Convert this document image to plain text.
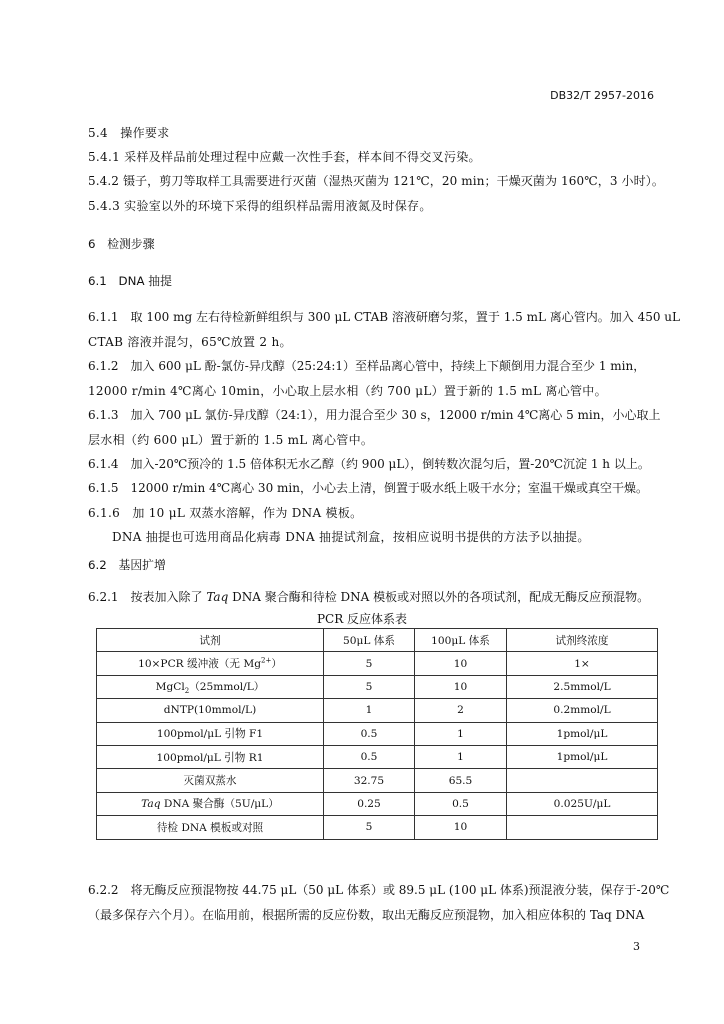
DB32/T 2957-2016
5.4　操作要求
5.4.1 采样及样品前处理过程中应戴一次性手套，样本间不得交叉污染。
5.4.2 镊子，剪刀等取样工具需要进行灭菌（湿热灭菌为 121℃，20 min；干燥灭菌为 160℃，3 小时）。
5.4.3 实验室以外的环境下采得的组织样品需用液氮及时保存。
6　检测步骤
6.1　DNA 抽提
6.1.1　取 100 mg 左右待检新鲜组织与 300 μL CTAB 溶液研磨匀浆，置于 1.5 mL 离心管内。加入 450 uL
CTAB 溶液并混匀，65℃放置 2 h。
6.1.2　加入 600 μL 酚-氯仿-异戊醇（25:24:1）至样品离心管中，持续上下颠倒用力混合至少 1 min，
12000 r/min 4℃离心 10min，小心取上层水相（约 700 μL）置于新的 1.5 mL 离心管中。
6.1.3　加入 700 μL 氯仿-异戊醇（24:1），用力混合至少 30 s，12000 r/min 4℃离心 5 min，小心取上
层水相（约 600 μL）置于新的 1.5 mL 离心管中。
6.1.4　加入-20℃预冷的 1.5 倍体积无水乙醇（约 900 μL），倒转数次混匀后，置-20℃沉淀 1 h 以上。
6.1.5　12000 r/min 4℃离心 30 min，小心去上清，倒置于吸水纸上吸干水分；室温干燥或真空干燥。
6.1.6　加 10 μL 双蒸水溶解，作为 DNA 模板。
DNA 抽提也可选用商品化病毒 DNA 抽提试剂盒，按相应说明书提供的方法予以抽提。
6.2　基因扩增
6.2.1　按表加入除了 Taq DNA 聚合酶和待检 DNA 模板或对照以外的各项试剂，配成无酶反应预混物。
PCR 反应体系表
试剂	50μL 体系	100μL 体系	试剂终浓度
10×PCR 缓冲液（无 $Mg^{2+}$）	5	10	1×
MgCl$_2$（25mmol/L）	5	10	2.5mmol/L
dNTP(10mmol/L)	1	2	0.2mmol/L
100pmol/μL 引物 F1	0.5	1	1pmol/μL
100pmol/μL 引物 R1	0.5	1	1pmol/μL
灭菌双蒸水	32.75	65.5	
Taq DNA 聚合酶（5U/μL）	0.25	0.5	0.025U/μL
待检 DNA 模板或对照	5	10	
6.2.2　将无酶反应预混物按 44.75 μL（50 μL 体系）或 89.5 μL (100 μL 体系)预混液分装，保存于-20℃
（最多保存六个月）。在临用前，根据所需的反应份数，取出无酶反应预混物，加入相应体积的 Taq DNA
3
